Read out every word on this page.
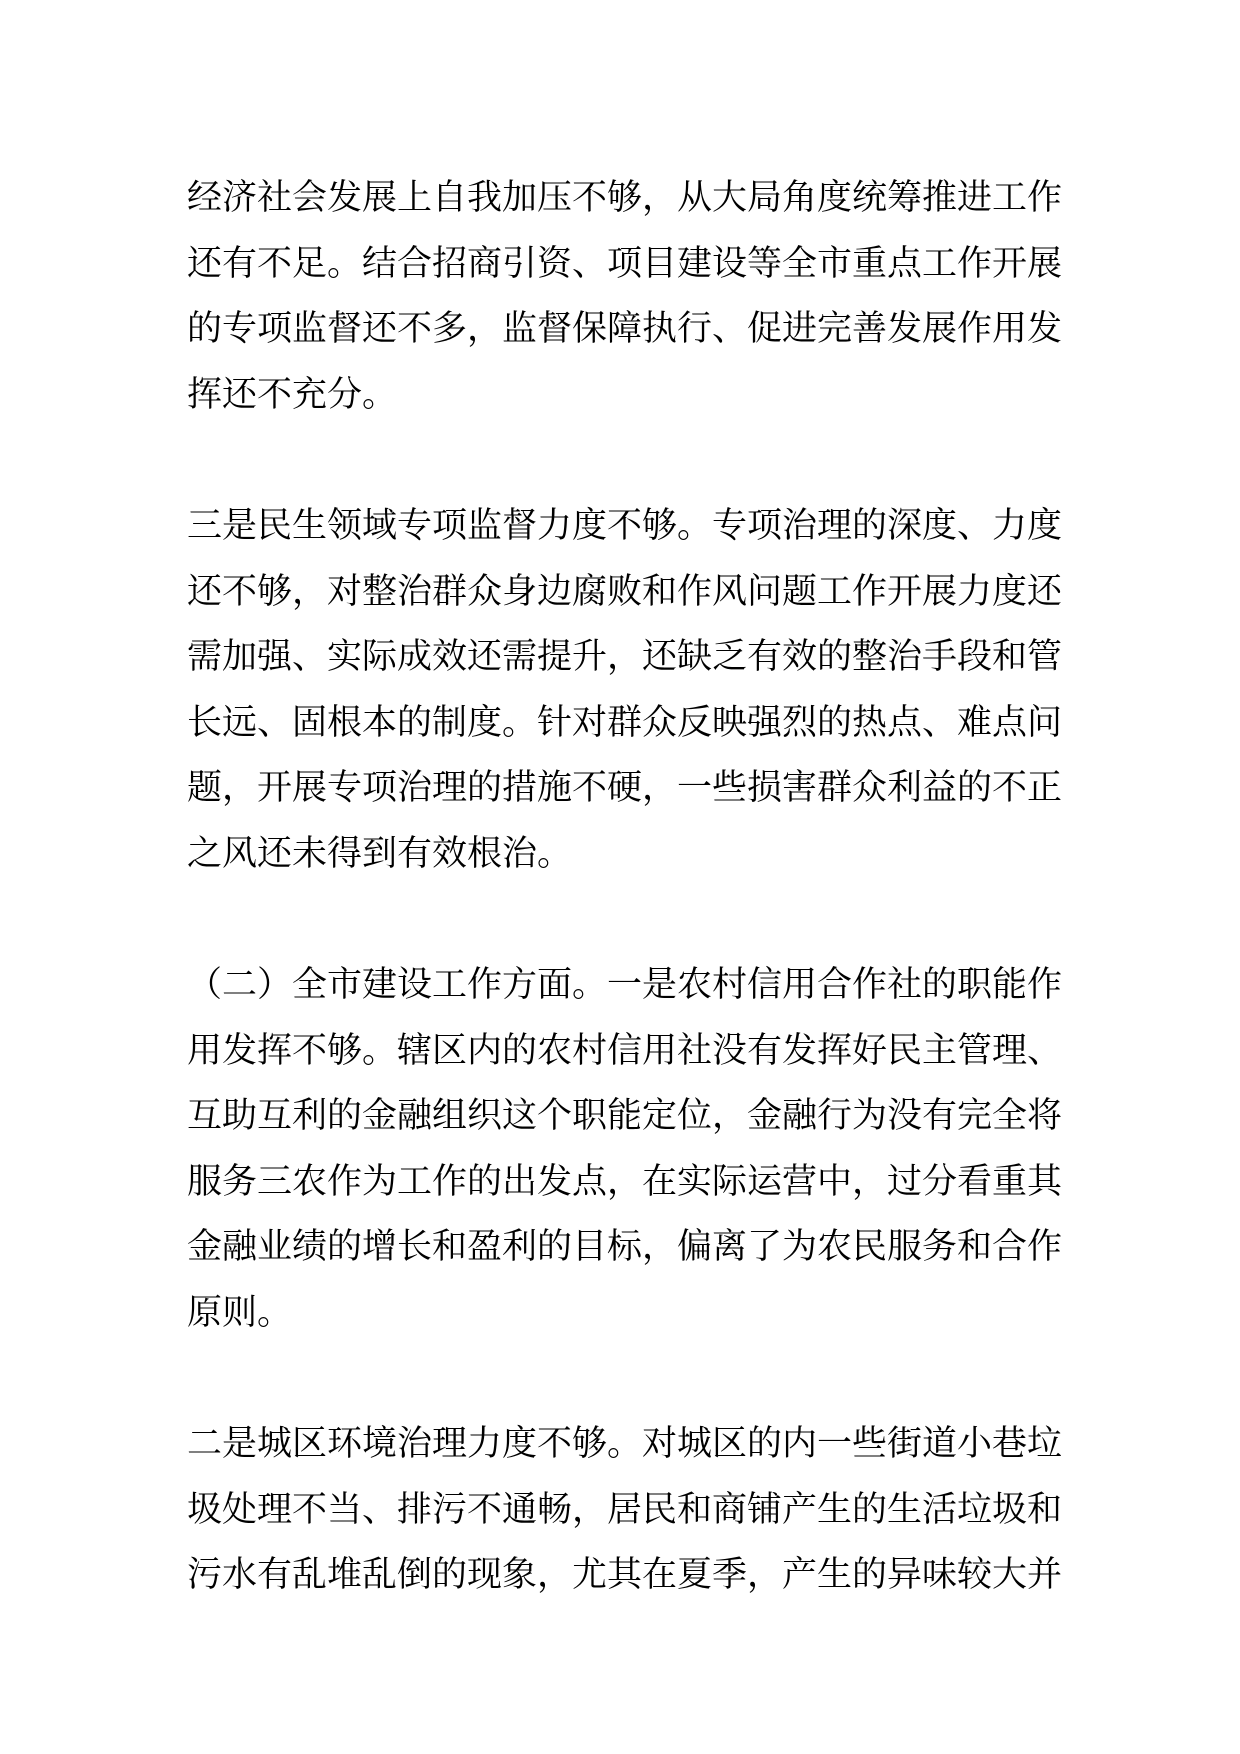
经济社会发展上自我加压不够，从大局角度统筹推进工作
还有不足。结合招商引资、项目建设等全市重点工作开展
的专项监督还不多，监督保障执行、促进完善发展作用发
挥还不充分。

三是民生领域专项监督力度不够。专项治理的深度、力度
还不够，对整治群众身边腐败和作风问题工作开展力度还
需加强、实际成效还需提升，还缺乏有效的整治手段和管
长远、固根本的制度。针对群众反映强烈的热点、难点问
题，开展专项治理的措施不硬，一些损害群众利益的不正
之风还未得到有效根治。

（二）全市建设工作方面。一是农村信用合作社的职能作
用发挥不够。辖区内的农村信用社没有发挥好民主管理、
互助互利的金融组织这个职能定位，金融行为没有完全将
服务三农作为工作的出发点，在实际运营中，过分看重其
金融业绩的增长和盈利的目标，偏离了为农民服务和合作
原则。

二是城区环境治理力度不够。对城区的内一些街道小巷垃
圾处理不当、排污不通畅，居民和商铺产生的生活垃圾和
污水有乱堆乱倒的现象，尤其在夏季，产生的异味较大并
